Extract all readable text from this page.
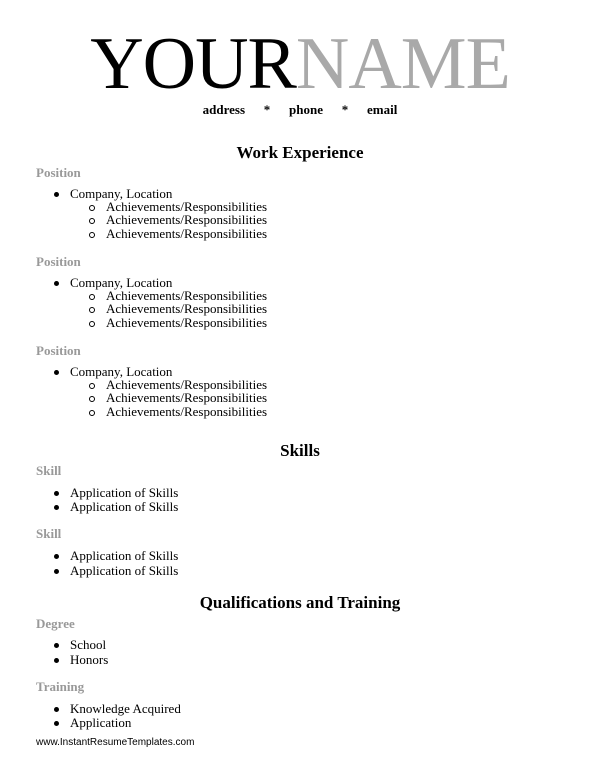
YOURNAME
address * phone * email
Work Experience
Position
Company, Location
Achievements/Responsibilities
Achievements/Responsibilities
Achievements/Responsibilities
Position
Company, Location
Achievements/Responsibilities
Achievements/Responsibilities
Achievements/Responsibilities
Position
Company, Location
Achievements/Responsibilities
Achievements/Responsibilities
Achievements/Responsibilities
Skills
Skill
Application of Skills
Application of Skills
Skill
Application of Skills
Application of Skills
Qualifications and Training
Degree
School
Honors
Training
Knowledge Acquired
Application
www.InstantResumeTemplates.com
